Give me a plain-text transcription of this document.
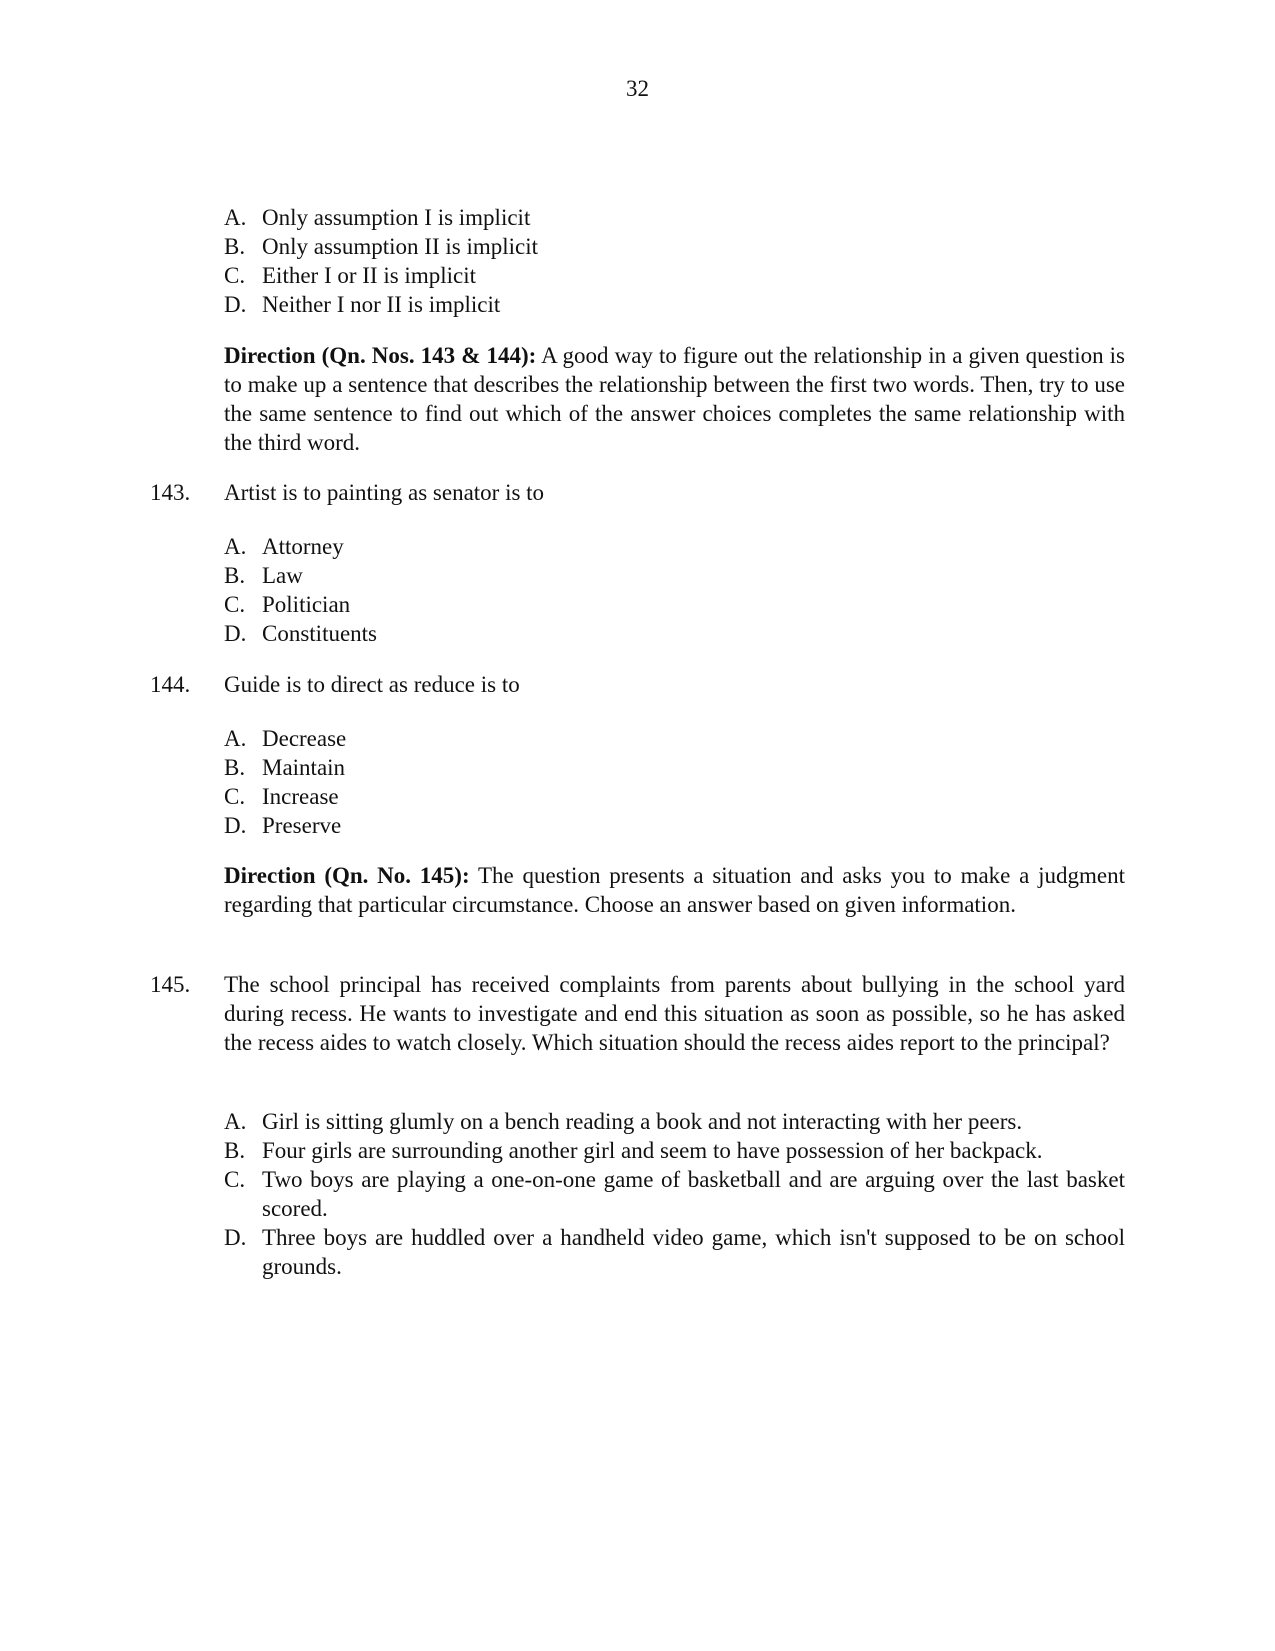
32
A. Only assumption I is implicit
B. Only assumption II is implicit
C. Either I or II is implicit
D. Neither I nor II is implicit
Direction (Qn. Nos. 143 & 144): A good way to figure out the relationship in a given question is to make up a sentence that describes the relationship between the first two words. Then, try to use the same sentence to find out which of the answer choices completes the same relationship with the third word.
143. Artist is to painting as senator is to
A. Attorney
B. Law
C. Politician
D. Constituents
144. Guide is to direct as reduce is to
A. Decrease
B. Maintain
C. Increase
D. Preserve
Direction (Qn. No. 145): The question presents a situation and asks you to make a judgment regarding that particular circumstance. Choose an answer based on given information.
145. The school principal has received complaints from parents about bullying in the school yard during recess. He wants to investigate and end this situation as soon as possible, so he has asked the recess aides to watch closely. Which situation should the recess aides report to the principal?
A. Girl is sitting glumly on a bench reading a book and not interacting with her peers.
B. Four girls are surrounding another girl and seem to have possession of her backpack.
C. Two boys are playing a one-on-one game of basketball and are arguing over the last basket scored.
D. Three boys are huddled over a handheld video game, which isn't supposed to be on school grounds.
